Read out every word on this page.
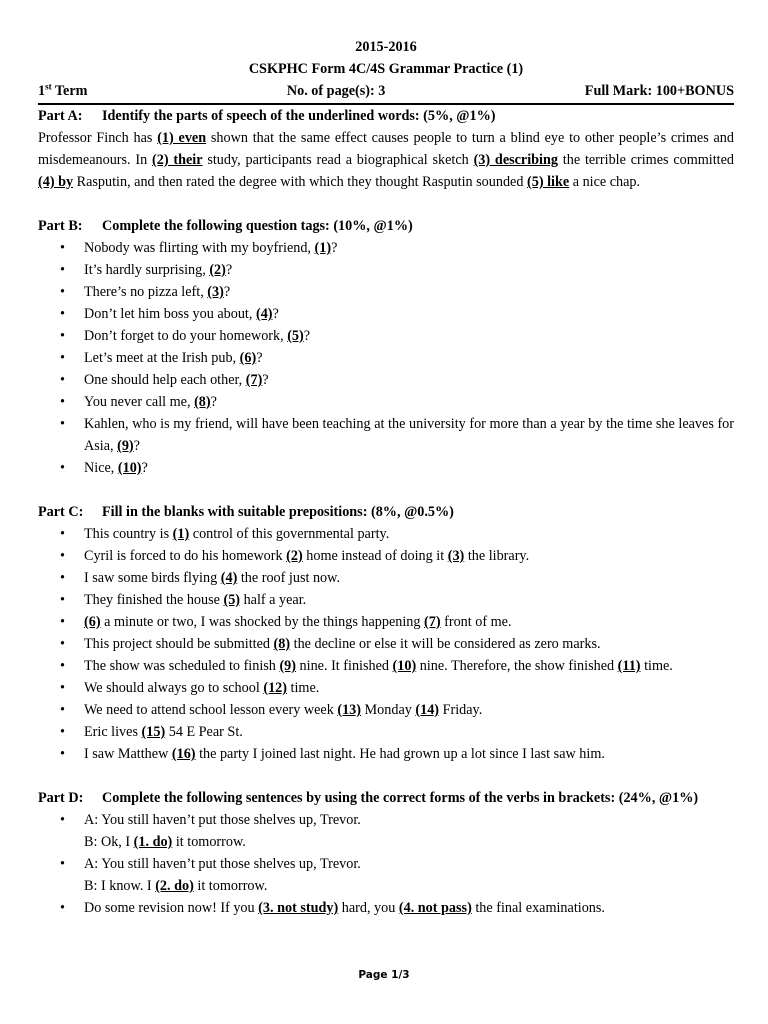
2015-2016
CSKPHC Form 4C/4S Grammar Practice (1)
1st Term	No. of page(s): 3	Full Mark: 100+BONUS
Part A:	Identify the parts of speech of the underlined words: (5%, @1%)
Professor Finch has (1) even shown that the same effect causes people to turn a blind eye to other people’s crimes and misdemeanours. In (2) their study, participants read a biographical sketch (3) describing the terrible crimes committed (4) by Rasputin, and then rated the degree with which they thought Rasputin sounded (5) like a nice chap.
Part B:	Complete the following question tags: (10%, @1%)
• Nobody was flirting with my boyfriend, (1)?
• It’s hardly surprising, (2)?
• There’s no pizza left, (3)?
• Don’t let him boss you about, (4)?
• Don’t forget to do your homework, (5)?
• Let’s meet at the Irish pub, (6)?
• One should help each other, (7)?
• You never call me, (8)?
• Kahlen, who is my friend, will have been teaching at the university for more than a year by the time she leaves for Asia, (9)?
• Nice, (10)?
Part C:	Fill in the blanks with suitable prepositions: (8%, @0.5%)
• This country is (1) control of this governmental party.
• Cyril is forced to do his homework (2) home instead of doing it (3) the library.
• I saw some birds flying (4) the roof just now.
• They finished the house (5) half a year.
• (6) a minute or two, I was shocked by the things happening (7) front of me.
• This project should be submitted (8) the decline or else it will be considered as zero marks.
• The show was scheduled to finish (9) nine. It finished (10) nine. Therefore, the show finished (11) time.
• We should always go to school (12) time.
• We need to attend school lesson every week (13) Monday (14) Friday.
• Eric lives (15) 54 E Pear St.
• I saw Matthew (16) the party I joined last night. He had grown up a lot since I last saw him.
Part D:	Complete the following sentences by using the correct forms of the verbs in brackets: (24%, @1%)
• A: You still haven’t put those shelves up, Trevor.
B: Ok, I (1. do) it tomorrow.
• A: You still haven’t put those shelves up, Trevor.
B: I know. I (2. do) it tomorrow.
• Do some revision now! If you (3. not study) hard, you (4. not pass) the final examinations.
Page 1/3
